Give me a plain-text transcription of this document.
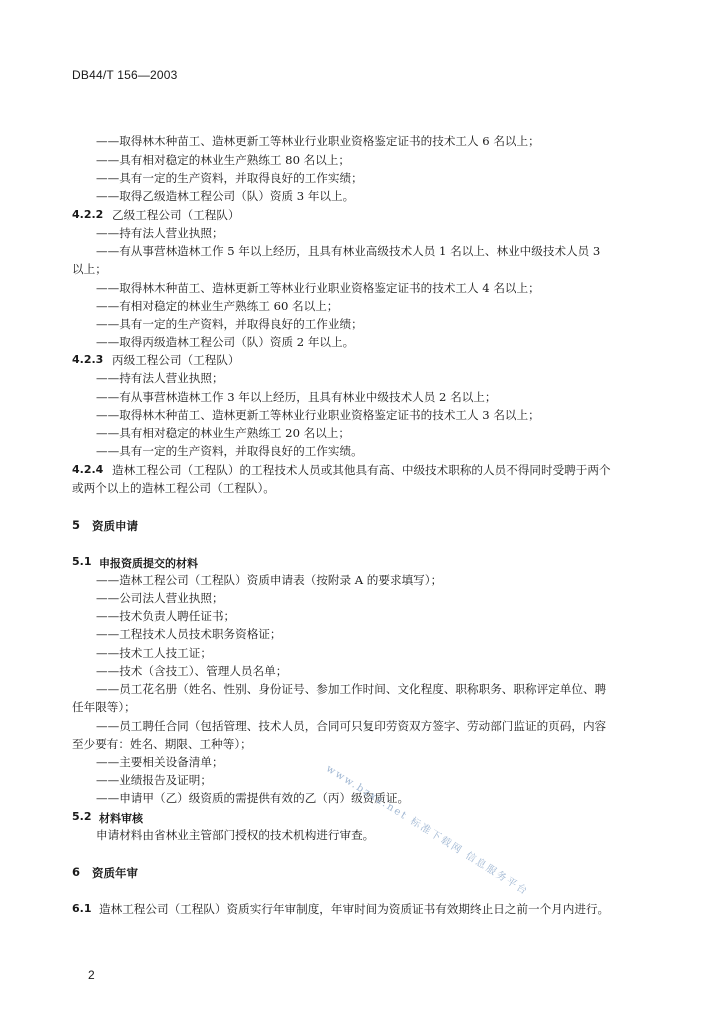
DB44/T 156—2003
——取得林木种苗工、造林更新工等林业行业职业资格鉴定证书的技术工人 6 名以上；
——具有相对稳定的林业生产熟练工 80 名以上；
——具有一定的生产资料，并取得良好的工作实绩；
——取得乙级造林工程公司（队）资质 3 年以上。
4.2.2 乙级工程公司（工程队）
——持有法人营业执照；
——有从事营林造林工作 5 年以上经历，且具有林业高级技术人员 1 名以上、林业中级技术人员 3
以上；
——取得林木种苗工、造林更新工等林业行业职业资格鉴定证书的技术工人 4 名以上；
——有相对稳定的林业生产熟练工 60 名以上；
——具有一定的生产资料，并取得良好的工作业绩；
——取得丙级造林工程公司（队）资质 2 年以上。
4.2.3 丙级工程公司（工程队）
——持有法人营业执照；
——有从事营林造林工作 3 年以上经历，且具有林业中级技术人员 2 名以上；
——取得林木种苗工、造林更新工等林业行业职业资格鉴定证书的技术工人 3 名以上；
——具有相对稳定的林业生产熟练工 20 名以上；
——具有一定的生产资料，并取得良好的工作实绩。
4.2.4 造林工程公司（工程队）的工程技术人员或其他具有高、中级技术职称的人员不得同时受聘于两个
或两个以上的造林工程公司（工程队）。
5 资质申请
5.1 申报资质提交的材料
——造林工程公司（工程队）资质申请表（按附录 A 的要求填写）；
——公司法人营业执照；
——技术负责人聘任证书；
——工程技术人员技术职务资格证；
——技术工人技工证；
——技术（含技工）、管理人员名单；
——员工花名册（姓名、性别、身份证号、参加工作时间、文化程度、职称职务、职称评定单位、聘
任年限等）；
——员工聘任合同（包括管理、技术人员，合同可只复印劳资双方签字、劳动部门监证的页码，内容
至少要有：姓名、期限、工种等）；
——主要相关设备清单；
——业绩报告及证明；
——申请甲（乙）级资质的需提供有效的乙（丙）级资质证。
5.2 材料审核
申请材料由省林业主管部门授权的技术机构进行审查。
6 资质年审
6.1 造林工程公司（工程队）资质实行年审制度，年审时间为资质证书有效期终止日之前一个月内进行。
www.bzxz.net 标准下载网 信息服务平台
2
